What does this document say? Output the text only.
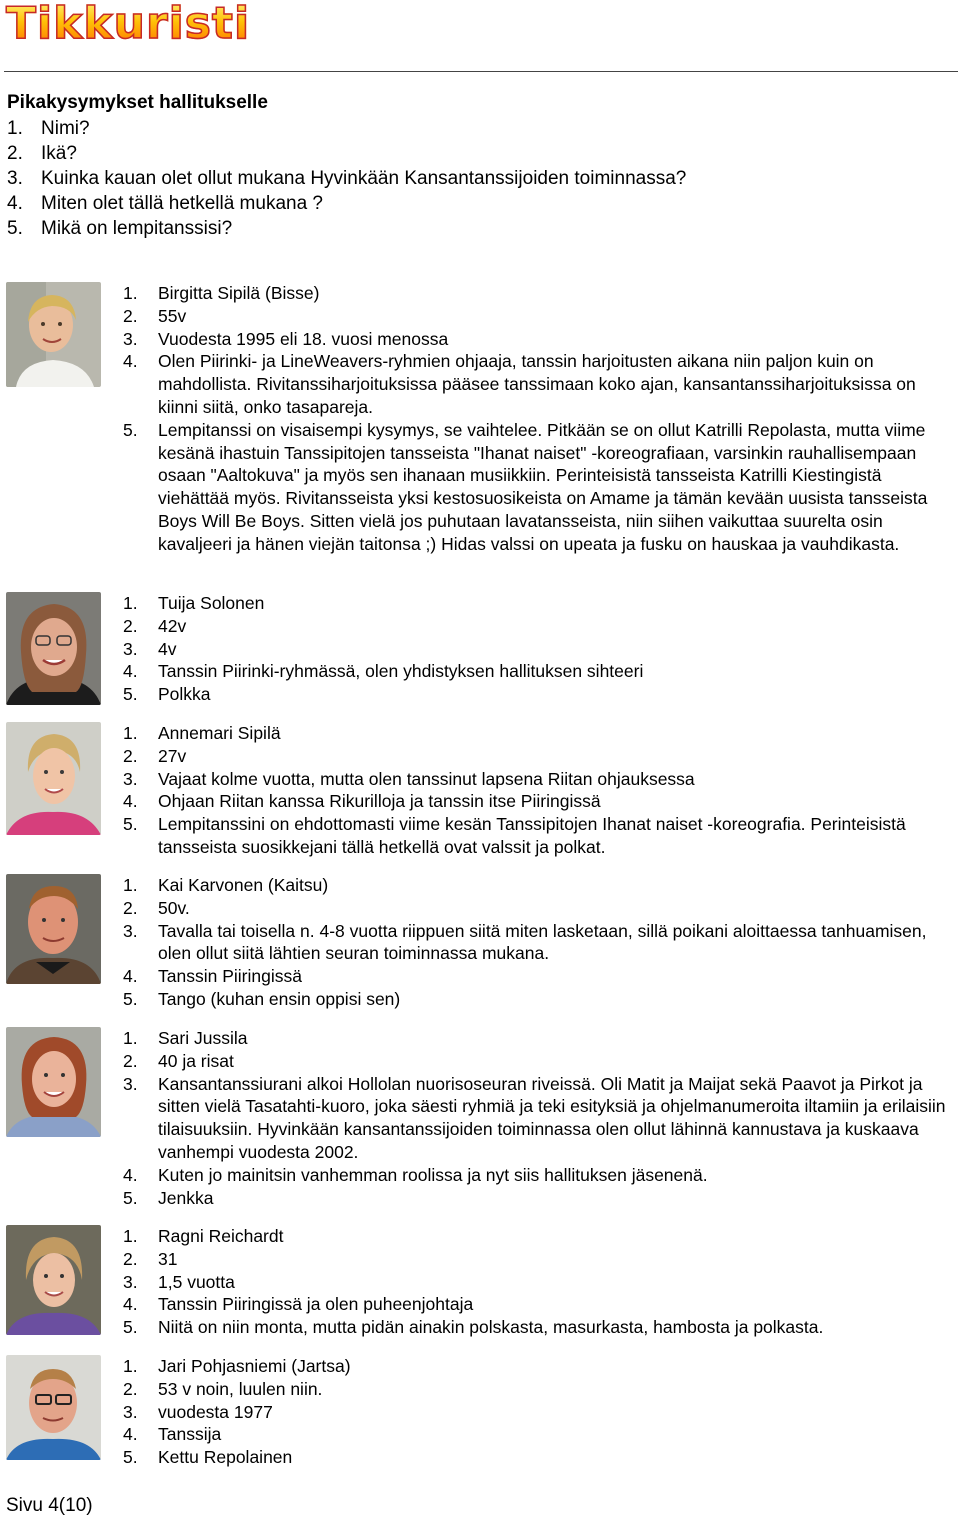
Tikkuristi
Pikakysymykset hallitukselle
1. Nimi?
2. Ikä?
3. Kuinka kauan olet ollut mukana Hyvinkään Kansantanssijoiden toiminnassa?
4. Miten olet tällä hetkellä mukana ?
5. Mikä on lempitanssisi?
1.	Birgitta Sipilä (Bisse)
2.	55v
3.	Vuodesta 1995 eli 18. vuosi menossa
4.	Olen Piirinki- ja LineWeavers-ryhmien ohjaaja, tanssin harjoitusten aikana niin paljon kuin on mahdollista. Rivitanssiharjoituksissa pääsee tanssimaan koko ajan, kansantanssiharjoituksissa on kiinni siitä, onko tasapareja.
5.	Lempitanssi on visaisempi kysymys, se vaihtelee. Pitkään se on ollut Katrilli Repolasta, mutta viime kesänä ihastuin Tanssipitojen tansseista "Ihanat naiset" -koreografiaan, varsinkin rauhallisempaan osaan "Aaltokuva" ja myös sen ihanaan musiikkiin. Perinteisistä tansseista Katrilli Kiestingistä viehättää myös. Rivitansseista yksi kestosuosikeista on Amame ja tämän kevään uusista tansseista Boys Will Be Boys. Sitten vielä jos puhutaan lavatansseista, niin siihen vaikuttaa suurelta osin kavaljeeri ja hänen viejän taitonsa ;) Hidas valssi on upeata ja fusku on hauskaa ja vauhdikasta.
1.	Tuija Solonen
2.	42v
3.	4v
4.	Tanssin Piirinki-ryhmässä, olen yhdistyksen hallituksen sihteeri
5.	Polkka
1.	Annemari Sipilä
2.	27v
3.	Vajaat kolme vuotta, mutta olen tanssinut lapsena Riitan ohjauksessa
4.	Ohjaan Riitan kanssa Rikurilloja ja tanssin itse Piiringissä
5.	Lempitanssini on ehdottomasti viime kesän Tanssipitojen Ihanat naiset -koreografia. Perinteisistä tansseista suosikkejani tällä hetkellä ovat valssit ja polkat.
1.	Kai Karvonen (Kaitsu)
2.	50v.
3.	Tavalla tai toisella n. 4-8 vuotta riippuen siitä miten lasketaan, sillä poikani aloittaessa tanhuamisen, olen ollut siitä lähtien seuran toiminnassa mukana.
4.	Tanssin Piiringissä
5.	Tango (kuhan ensin oppisi sen)
1.	Sari Jussila
2.	40 ja risat
3.	Kansantanssiurani alkoi Hollolan nuorisoseuran riveissä. Oli Matit ja Maijat sekä Paavot ja Pirkot ja sitten vielä Tasatahti-kuoro, joka säesti ryhmiä ja teki esityksiä ja ohjelmanumeroita iltamiin ja erilaisiin tilaisuuksiin. Hyvinkään kansantanssijoiden toiminnassa olen ollut lähinnä kannustava ja kuskaava vanhempi vuodesta 2002.
4.	Kuten jo mainitsin vanhemman roolissa ja nyt siis hallituksen jäsenenä.
5.	Jenkka
1.	Ragni Reichardt
2.	31
3.	1,5 vuotta
4.	Tanssin Piiringissä ja olen puheenjohtaja
5.	Niitä on niin monta, mutta pidän ainakin polskasta, masurkasta, hambosta ja polkasta.
1.	Jari Pohjasniemi (Jartsa)
2.	53 v noin, luulen niin.
3.	vuodesta 1977
4.	Tanssija
5.	Kettu Repolainen
Sivu 4(10)
